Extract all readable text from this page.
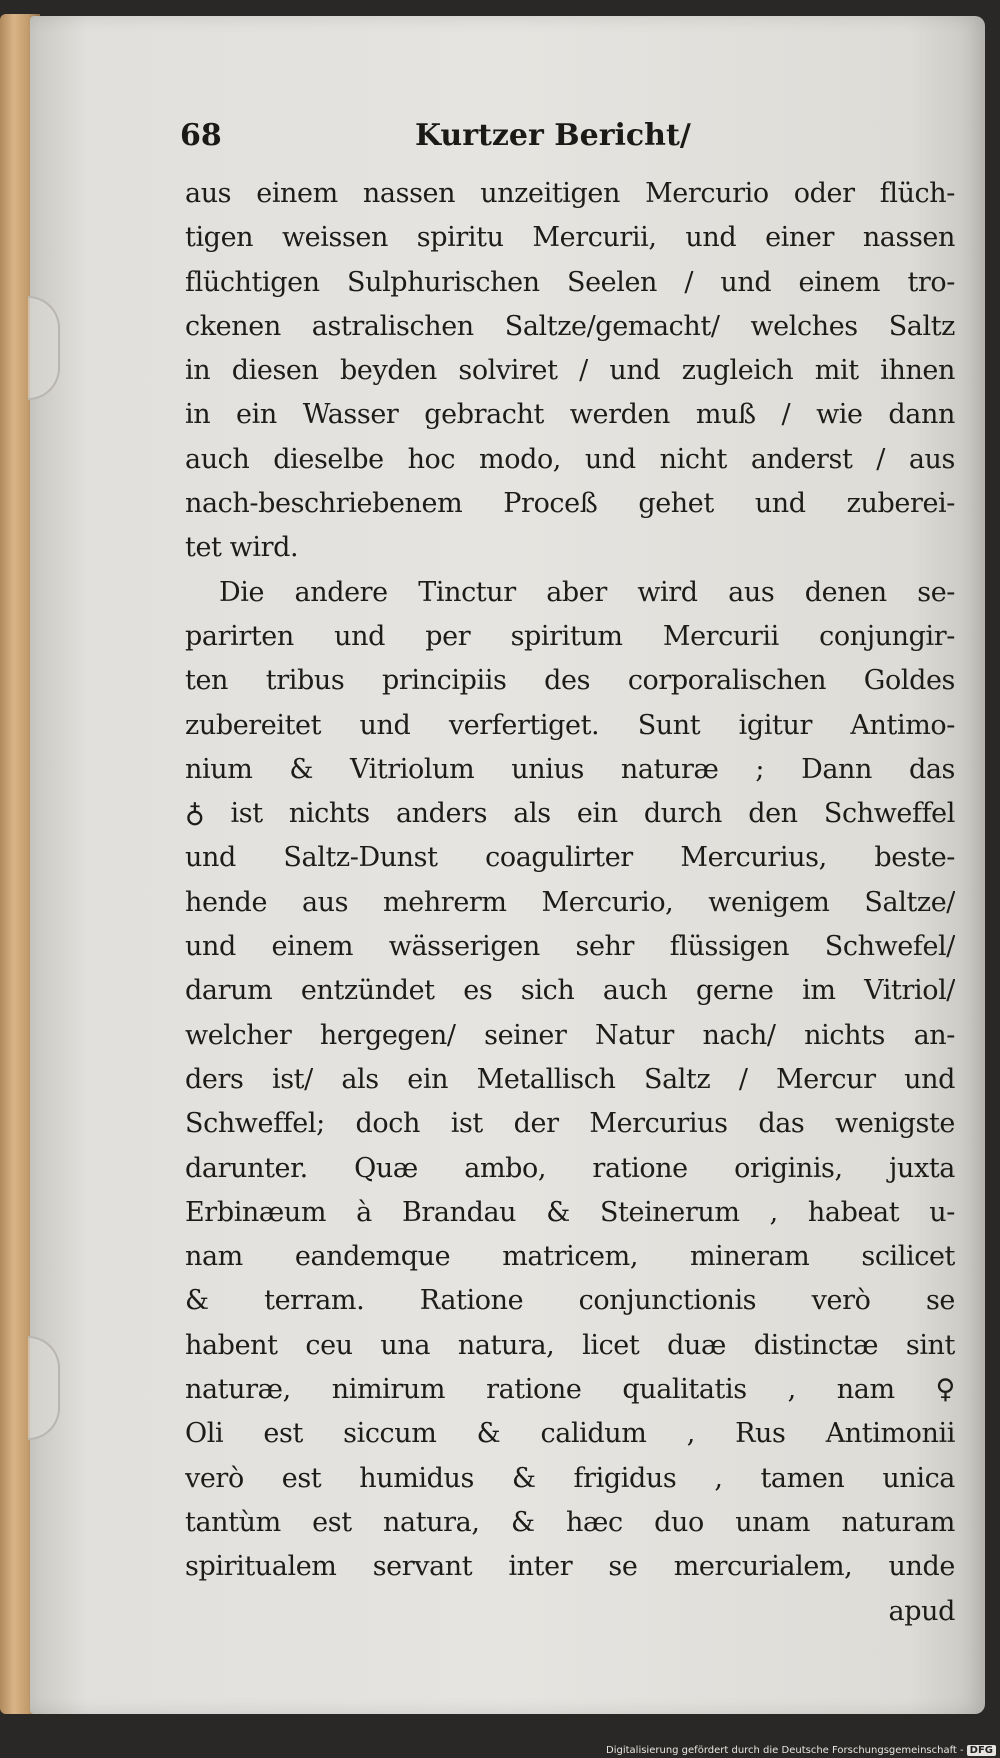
68	Kurtzer Bericht/
aus einem nassen unzeitigen Mercurio oder flüch-
tigen weissen spiritu Mercurii, und einer nassen
flüchtigen Sulphurischen Seelen / und einem tro-
ckenen astralischen Saltze/gemacht/ welches Saltz
in diesen beyden solviret / und zugleich mit ihnen
in ein Wasser gebracht werden muß / wie dann
auch dieselbe hoc modo, und nicht anderst / aus
nach-beschriebenem Proceß gehet und zuberei-
tet wird.
Die andere Tinctur aber wird aus denen se-
parirten und per spiritum Mercurii conjungir-
ten tribus principiis des corporalischen Goldes
zubereitet und verfertiget. Sunt igitur Antimo-
nium & Vitriolum unius naturæ ; Dann das
♁ ist nichts anders als ein durch den Schweffel
und Saltz-Dunst coagulirter Mercurius, beste-
hende aus mehrerm Mercurio, wenigem Saltze/
und einem wässerigen sehr flüssigen Schwefel/
darum entzündet es sich auch gerne im Vitriol/
welcher hergegen/ seiner Natur nach/ nichts an-
ders ist/ als ein Metallisch Saltz / Mercur und
Schweffel; doch ist der Mercurius das wenigste
darunter. Quæ ambo, ratione originis, juxta
Erbinæum à Brandau & Steinerum , habeat u-
nam eandemque matricem, mineram scilicet
& terram. Ratione conjunctionis verò se
habent ceu una natura, licet duæ distinctæ sint
naturæ, nimirum ratione qualitatis , nam ♀
Oli est siccum & calidum , Rus Antimonii
verò est humidus & frigidus , tamen unica
tantùm est natura, & hæc duo unam naturam
spiritualem servant inter se mercurialem, unde
apud
Digitalisierung gefördert durch die Deutsche Forschungsgemeinschaft - DFG
